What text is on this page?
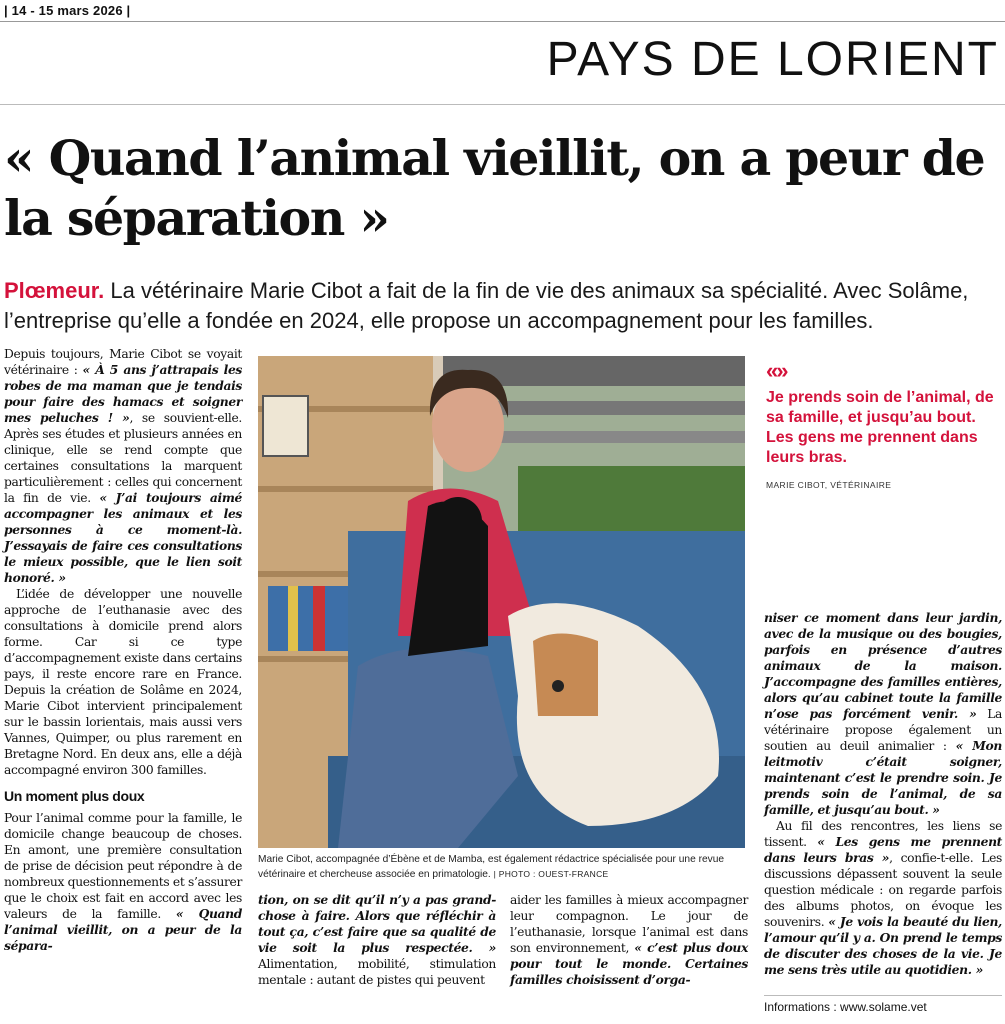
| 14 - 15 mars 2026 |
PAYS DE LORIENT
« Quand l’animal vieillit, on a peur de la séparation »
Plœmeur. La vétérinaire Marie Cibot a fait de la fin de vie des animaux sa spécialité. Avec Solâme, l’entreprise qu’elle a fondée en 2024, elle propose un accompagnement pour les familles.

Depuis toujours, Marie Cibot se voyait vétérinaire : « À 5 ans j’attrapais les robes de ma maman que je tendais pour faire des hamacs et soigner mes peluches ! », se souvient-elle. Après ses études et plusieurs années en clinique, elle se rend compte que certaines consultations la marquent particulièrement : celles qui concernent la fin de vie. « J’ai toujours aimé accompagner les animaux et les personnes à ce moment-là. J’essayais de faire ces consultations le mieux possible, que le lien soit honoré. »

L’idée de développer une nouvelle approche de l’euthanasie avec des consultations à domicile prend alors forme. Car si ce type d’accompagnement existe dans certains pays, il reste encore rare en France. Depuis la création de Solâme en 2024, Marie Cibot intervient principalement sur le bassin lorientais, mais aussi vers Vannes, Quimper, ou plus rarement en Bretagne Nord. En deux ans, elle a déjà accompagné environ 300 familles.

Un moment plus doux

Pour l’animal comme pour la famille, le domicile change beaucoup de choses. En amont, une première consultation de prise de décision peut répondre à de nombreux questionnements et s’assurer que le choix est fait en accord avec les valeurs de la famille. « Quand l’animal vieillit, on a peur de la sépara-

Marie Cibot, accompagnée d’Ébène et de Mamba, est également rédactrice spécialisée pour une revue vétérinaire et chercheuse associée en primatologie. | PHOTO : OUEST-FRANCE

tion, on se dit qu’il n’y a pas grand-chose à faire. Alors que réfléchir à tout ça, c’est faire que sa qualité de vie soit la plus respectée. » Alimentation, mobilité, stimulation mentale : autant de pistes qui peuvent

aider les familles à mieux accompagner leur compagnon. Le jour de l’euthanasie, lorsque l’animal est dans son environnement, « c’est plus doux pour tout le monde. Certaines familles choisissent d’orga-

«»
Je prends soin de l’animal, de sa famille, et jusqu’au bout. Les gens me prennent dans leurs bras.
MARIE CIBOT, VÉTÉRINAIRE

niser ce moment dans leur jardin, avec de la musique ou des bougies, parfois en présence d’autres animaux de la maison. J’accompagne des familles entières, alors qu’au cabinet toute la famille n’ose pas forcément venir. » La vétérinaire propose également un soutien au deuil animalier : « Mon leitmotiv c’était soigner, maintenant c’est le prendre soin. Je prends soin de l’animal, de sa famille, et jusqu’au bout. »

Au fil des rencontres, les liens se tissent. « Les gens me prennent dans leurs bras », confie-t-elle. Les discussions dépassent souvent la seule question médicale : on regarde parfois des albums photos, on évoque les souvenirs. « Je vois la beauté du lien, l’amour qu’il y a. On prend le temps de discuter des choses de la vie. Je me sens très utile au quotidien. »

Informations : www.solame.vet
